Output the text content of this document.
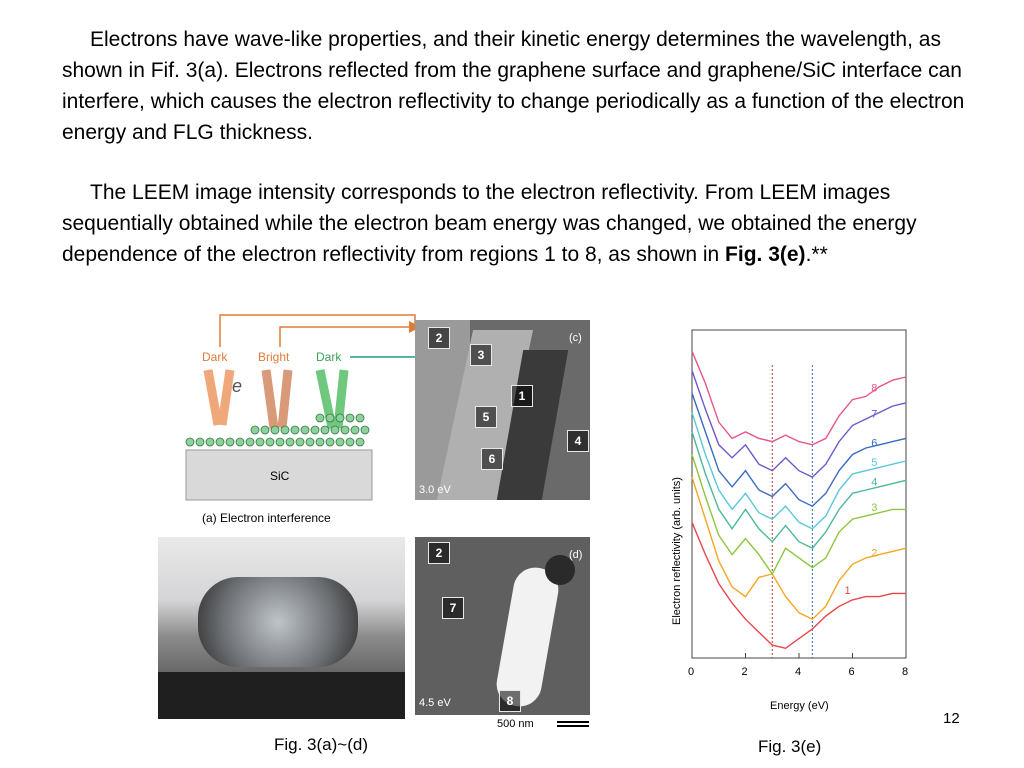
Electrons have wave-like properties, and their kinetic energy determines the wavelength, as shown in Fif. 3(a). Electrons reflected from the graphene surface and graphene/SiC interface can interfere, which causes the electron reflectivity to change periodically as a function of the electron energy and FLG thickness.

The LEEM image intensity corresponds to the electron reflectivity. From LEEM images sequentially obtained while the electron beam energy was changed, we obtained the energy dependence of the electron reflectivity from regions 1 to 8, as shown in Fig. 3(e).**

Dark	Bright Dark
e
SiC
(a) Electron interference
2
3
1
5
4
6
(c)
3.0 eV
2
7
8
(d)
4.5 eV
500 nm
1
2
3
4
5
6
7
8
0	2	4	6	8
Energy (eV)
Electron reflectivity (arb. units)
Fig. 3(a)~(d)	Fig. 3(e)
12
